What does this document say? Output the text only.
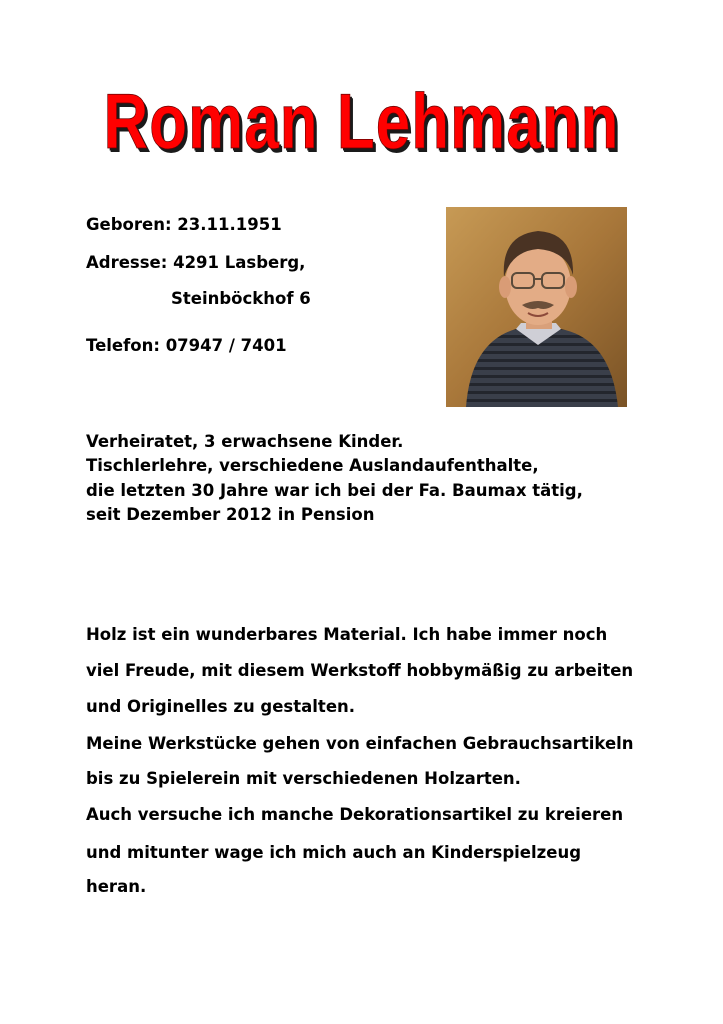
Roman Lehmann
Geboren: 23.11.1951
Adresse: 4291 Lasberg,
Steinböckhof 6
Telefon: 07947 / 7401
Verheiratet, 3 erwachsene Kinder.
Tischlerlehre, verschiedene Auslandaufenthalte,
die letzten 30 Jahre war ich bei der Fa. Baumax tätig,
seit Dezember 2012 in Pension
Holz ist ein wunderbares Material. Ich habe immer noch
viel Freude, mit diesem Werkstoff hobbymäßig zu arbeiten
und Originelles zu gestalten.
Meine Werkstücke gehen von einfachen Gebrauchsartikeln
bis zu Spielerein mit verschiedenen Holzarten.
Auch versuche ich manche Dekorationsartikel zu kreieren
und mitunter wage ich mich auch an Kinderspielzeug
heran.
